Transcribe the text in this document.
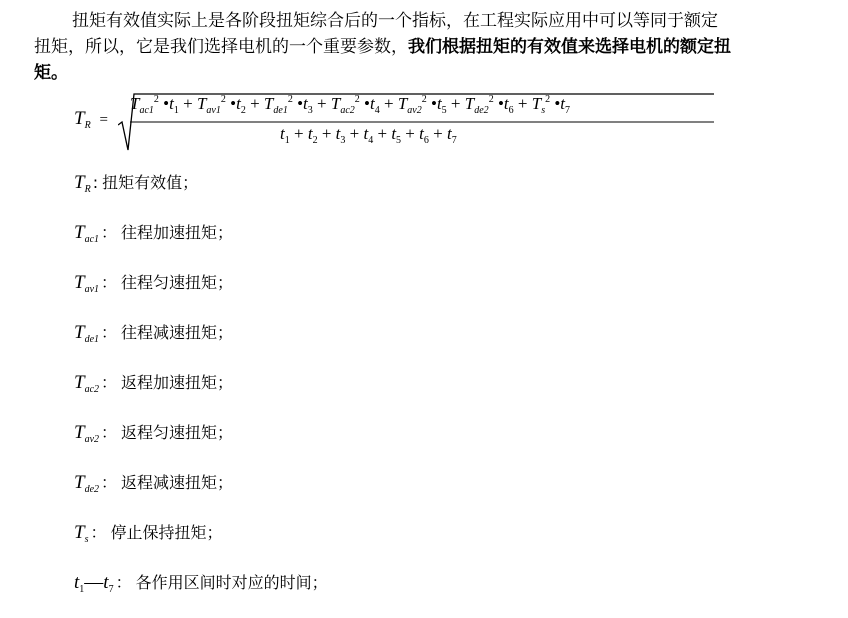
扭矩有效值实际上是各阶段扭矩综合后的一个指标，在工程实际应用中可以等同于额定扭矩，所以，它是我们选择电机的一个重要参数，我们根据扭矩的有效值来选择电机的额定扭矩。
$T_R$ =
$T_{ac1}^2$ $•t_1 + T_{av1}^2$ $•t_2 + T_{de1}^2$ $•t_3 + T_{ac2}^2$ $•t_4 + T_{av2}^2$ $•t_5 + T_{de2}^2$ $•t_6 + T_s^2$ $•t_7$
$t_1 + t_2 + t_3 + t_4 + t_5 + t_6 + t_7$
$T_R$ : 扭矩有效值；
$T_{ac1}$ ： 往程加速扭矩；
$T_{av1}$ ： 往程匀速扭矩；
$T_{de1}$ ： 往程减速扭矩；
$T_{ac2}$ ： 返程加速扭矩；
$T_{av2}$ ： 返程匀速扭矩；
$T_{de2}$ ： 返程减速扭矩；
$T_s$ ： 停止保持扭矩；
$t_1—t_7$ ： 各作用区间时对应的时间；
